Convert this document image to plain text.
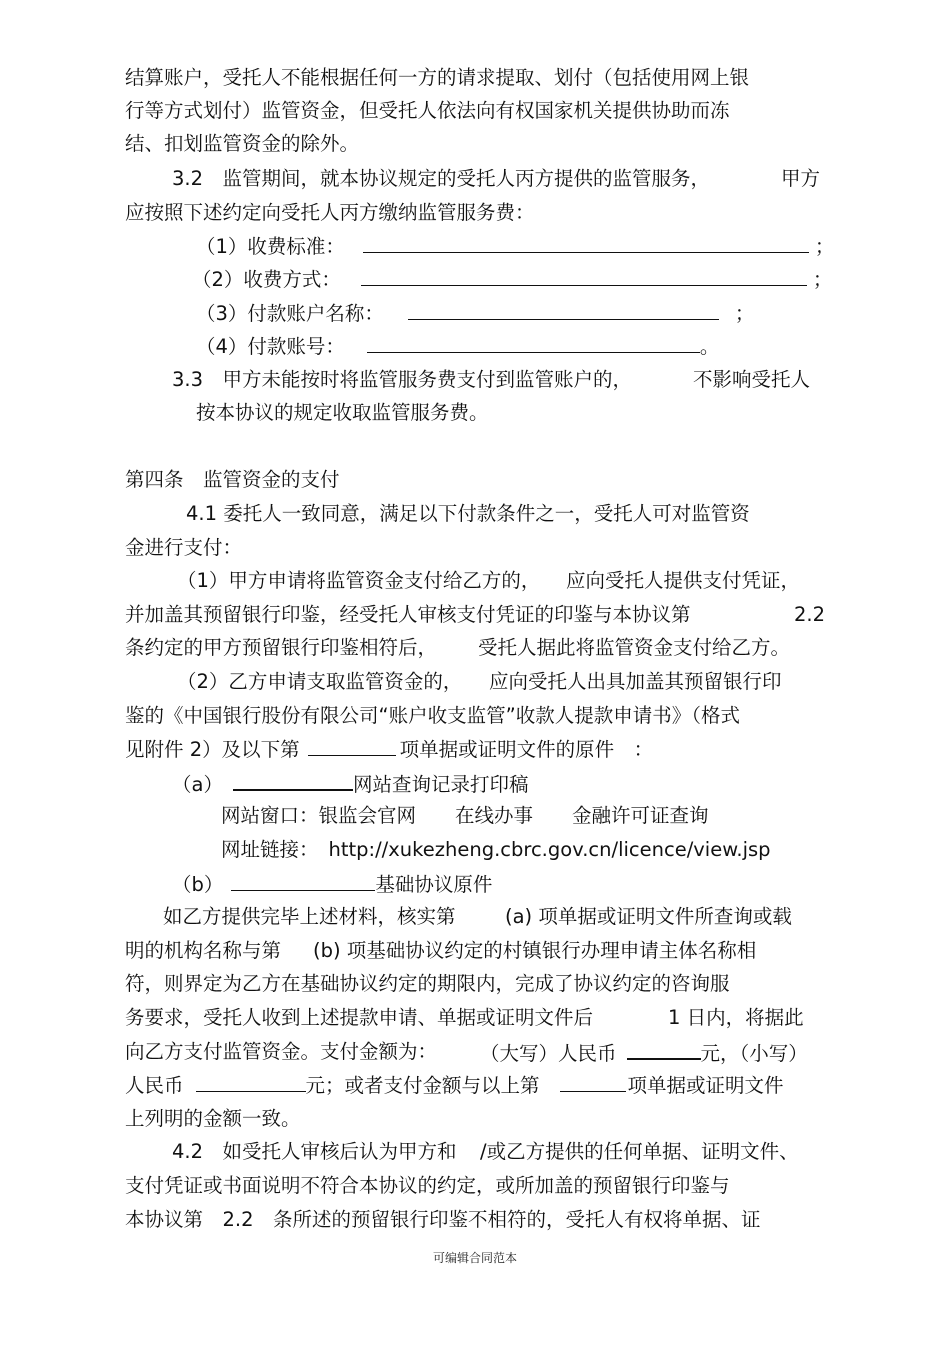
结算账户，受托人不能根据任何一方的请求提取、划付（包括使用网上银
行等方式划付）监管资金，但受托人依法向有权国家机关提供协助而冻
结、扣划监管资金的除外。
3.2　监管期间，就本协议规定的受托人丙方提供的监管服务，	甲方
应按照下述约定向受托人丙方缴纳监管服务费：
（1）收费标准：	；
（2）收费方式：	；
（3）付款账户名称：	；
（4）付款账号：	。
3.3　甲方未能按时将监管服务费支付到监管账户的，	不影响受托人
按本协议的规定收取监管服务费。
第四条　监管资金的支付
4.1 委托人一致同意，满足以下付款条件之一，受托人可对监管资
金进行支付：
（1）甲方申请将监管资金支付给乙方的， 应向受托人提供支付凭证，
并加盖其预留银行印鉴，经受托人审核支付凭证的印鉴与本协议第	2.2
条约定的甲方预留银行印鉴相符后， 受托人据此将监管资金支付给乙方。
（2）乙方申请支取监管资金的， 应向受托人出具加盖其预留银行印
鉴的《中国银行股份有限公司“账户收支监管”收款人提款申请书》（格式
见附件 2）及以下第	项单据或证明文件的原件　：
（a）	网站查询记录打印稿
网站窗口：银监会官网　　在线办事　　金融许可证查询
网址链接： http://xukezheng.cbrc.gov.cn/licence/view.jsp
（b）	基础协议原件
如乙方提供完毕上述材料，核实第	(a) 项单据或证明文件所查询或载
明的机构名称与第 (b) 项基础协议约定的村镇银行办理申请主体名称相
符，则界定为乙方在基础协议约定的期限内，完成了协议约定的咨询服
务要求，受托人收到上述提款申请、单据或证明文件后	1 日内，将据此
向乙方支付监管资金。支付金额为： （大写）人民币	元，（小写）
人民币	元；或者支付金额与以上第	项单据或证明文件
上列明的金额一致。
4.2　如受托人审核后认为甲方和 /或乙方提供的任何单据、证明文件、
支付凭证或书面说明不符合本协议的约定，或所加盖的预留银行印鉴与
本协议第　2.2　条所述的预留银行印鉴不相符的，受托人有权将单据、证
可编辑合同范本
